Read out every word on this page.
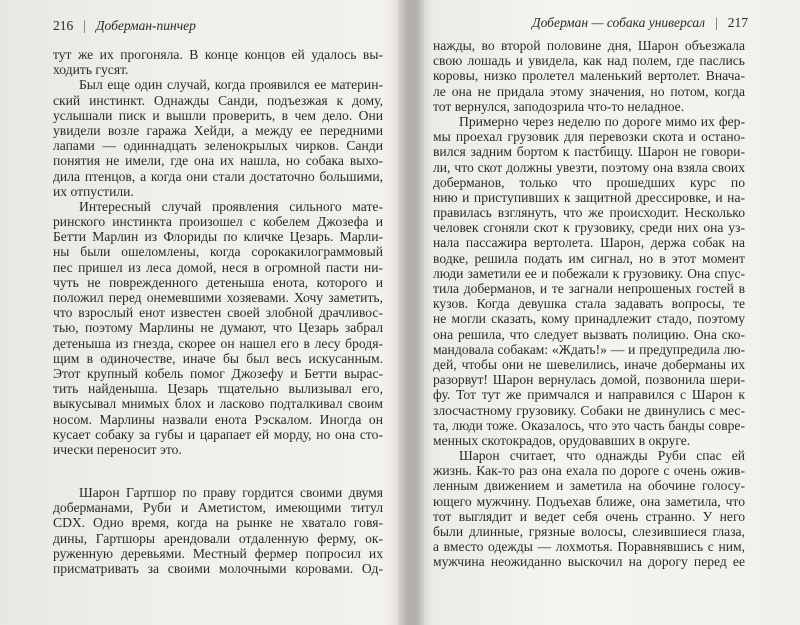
216 | Доберман-пинчер
тут же их прогоняла. В конце концов ей удалось вы-
ходить гусят.
Был еще один случай, когда проявился ее материн-
ский инстинкт. Однажды Санди, подъезжая к дому,
услышали писк и вышли проверить, в чем дело. Они
увидели возле гаража Хейди, а между ее передними
лапами — одиннадцать зеленокрылых чирков. Санди
понятия не имели, где она их нашла, но собака выхо-
дила птенцов, а когда они стали достаточно большими,
их отпустили.
Интересный случай проявления сильного мате-
ринского инстинкта произошел с кобелем Джозефа и
Бетти Марлин из Флориды по кличке Цезарь. Марли-
ны были ошеломлены, когда сорокакилограммовый
пес пришел из леса домой, неся в огромной пасти ни-
чуть не поврежденного детеныша енота, которого и
положил перед онемевшими хозяевами. Хочу заметить,
что взрослый енот известен своей злобной драчливос-
тью, поэтому Марлины не думают, что Цезарь забрал
детеныша из гнезда, скорее он нашел его в лесу бродя-
щим в одиночестве, иначе бы был весь искусанным.
Этот крупный кобель помог Джозефу и Бетти вырас-
тить найденыша. Цезарь тщательно вылизывал его,
выкусывал мнимых блох и ласково подталкивал своим
носом. Марлины назвали енота Рэскалом. Иногда он
кусает собаку за губы и царапает ей морду, но она сто-
ически переносит это.
Шарон Гартшор по праву гордится своими двумя
доберманами, Руби и Аметистом, имеющими титул
CDX. Одно время, когда на рынке не хватало говя-
дины, Гартшоры арендовали отдаленную ферму, ок-
руженную деревьями. Местный фермер попросил их
присматривать за своими молочными коровами. Од-
Доберман — собака универсал | 217
нажды, во второй половине дня, Шарон объезжала
свою лошадь и увидела, как над полем, где паслись
коровы, низко пролетел маленький вертолет. Внача-
ле она не придала этому значения, но потом, когда
тот вернулся, заподозрила что-то неладное.
Примерно через неделю по дороге мимо их фер-
мы проехал грузовик для перевозки скота и остано-
вился задним бортом к пастбищу. Шарон не говори-
ли, что скот должны увезти, поэтому она взяла своих
доберманов, только что прошедших курс по
нию и приступивших к защитной дрессировке, и на-
правилась взглянуть, что же происходит. Несколько
человек сгоняли скот к грузовику, среди них она уз-
нала пассажира вертолета. Шарон, держа собак на
водке, решила подать им сигнал, но в этот момент
люди заметили ее и побежали к грузовику. Она спус-
тила доберманов, и те загнали непрошеных гостей в
кузов. Когда девушка стала задавать вопросы, те
не могли сказать, кому принадлежит стадо, поэтому
она решила, что следует вызвать полицию. Она ско-
мандовала собакам: «Ждать!» — и предупредила лю-
дей, чтобы они не шевелились, иначе доберманы их
разорвут! Шарон вернулась домой, позвонила шери-
фу. Тот тут же примчался и направился с Шарон к
злосчастному грузовику. Собаки не двинулись с мес-
та, люди тоже. Оказалось, что это часть банды совре-
менных скотокрадов, орудовавших в округе.
Шарон считает, что однажды Руби спас ей
жизнь. Как-то раз она ехала по дороге с очень ожив-
ленным движением и заметила на обочине голосу-
ющего мужчину. Подъехав ближе, она заметила, что
тот выглядит и ведет себя очень странно. У него
были длинные, грязные волосы, слезившиеся глаза,
а вместо одежды — лохмотья. Поравнявшись с ним,
мужчина неожиданно выскочил на дорогу перед ее
